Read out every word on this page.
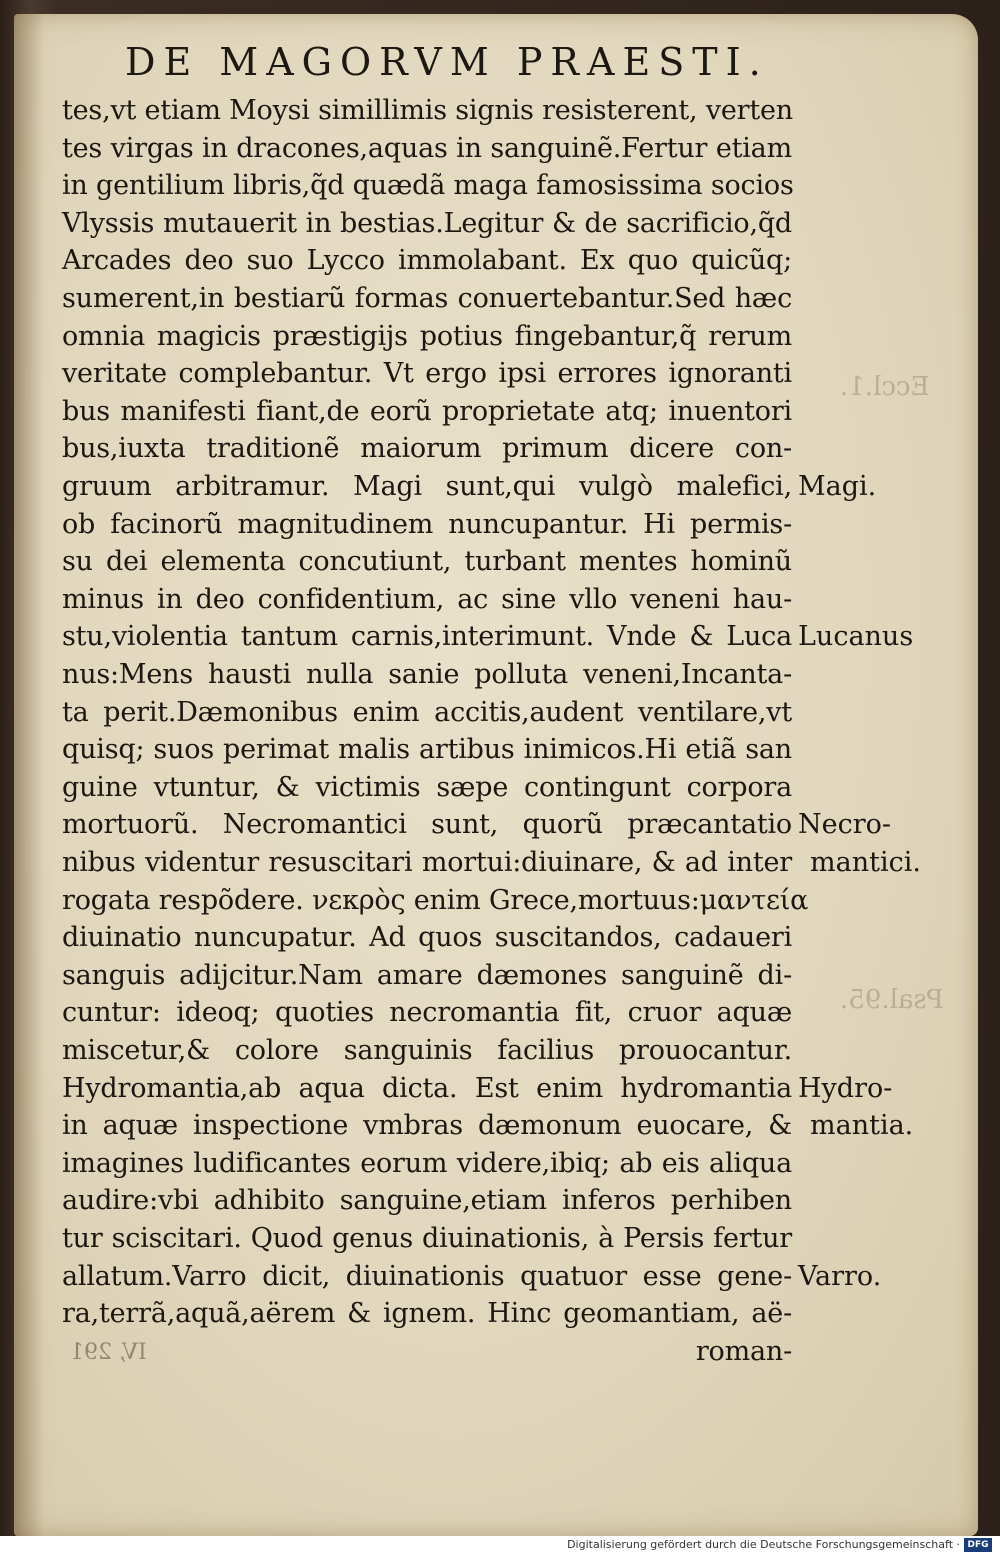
Eccl.1.
Psal.95.
IV, 291
DE MAGORVM PRAESTI.
tes,vt etiam Moysi simillimis signis resisterent, verten
tes virgas in dracones,aquas in sanguinẽ.Fertur etiam
in gentilium libris,q̃d quædã maga famosissima socios
Vlyssis mutauerit in bestias.Legitur & de sacrificio,q̃d
Arcades deo suo Lycco immolabant. Ex quo quicũq;
sumerent,in bestiarũ formas conuertebantur.Sed hæc
omnia magicis præstigijs potius fingebantur,q̃ rerum
veritate complebantur. Vt ergo ipsi errores ignoranti
bus manifesti fiant,de eorũ proprietate atq; inuentori
bus,iuxta traditionẽ maiorum primum dicere con-
gruum arbitramur. Magi sunt,qui vulgò malefici,
ob facinorũ magnitudinem nuncupantur. Hi permis-
su dei elementa concutiunt, turbant mentes hominũ
minus in deo confidentium, ac sine vllo veneni hau-
stu,violentia tantum carnis,interimunt. Vnde & Luca
nus:Mens hausti nulla sanie polluta veneni,Incanta-
ta perit.Dæmonibus enim accitis,audent ventilare,vt
quisq; suos perimat malis artibus inimicos.Hi etiã san
guine vtuntur, & victimis sæpe contingunt corpora
mortuorũ. Necromantici sunt, quorũ præcantatio
nibus videntur resuscitari mortui:diuinare, & ad inter
rogata respõdere. νεκρὸς enim Grece,mortuus:μαντεία
diuinatio nuncupatur. Ad quos suscitandos, cadaueri
sanguis adijcitur.Nam amare dæmones sanguinẽ di-
cuntur: ideoq; quoties necromantia fit, cruor aquæ
miscetur,& colore sanguinis facilius prouocantur.
Hydromantia,ab aqua dicta. Est enim hydromantia
in aquæ inspectione vmbras dæmonum euocare, &
imagines ludificantes eorum videre,ibiq; ab eis aliqua
audire:vbi adhibito sanguine,etiam inferos perhiben
tur sciscitari. Quod genus diuinationis, à Persis fertur
allatum.Varro dicit, diuinationis quatuor esse gene-
ra,terrã,aquã,aërem & ignem. Hinc geomantiam, aë-
roman-
Magi.
Lucanus
Necro-
mantici.
Hydro-
mantia.
Varro.
Digitalisierung gefördert durch die Deutsche Forschungsgemeinschaft · DFG
